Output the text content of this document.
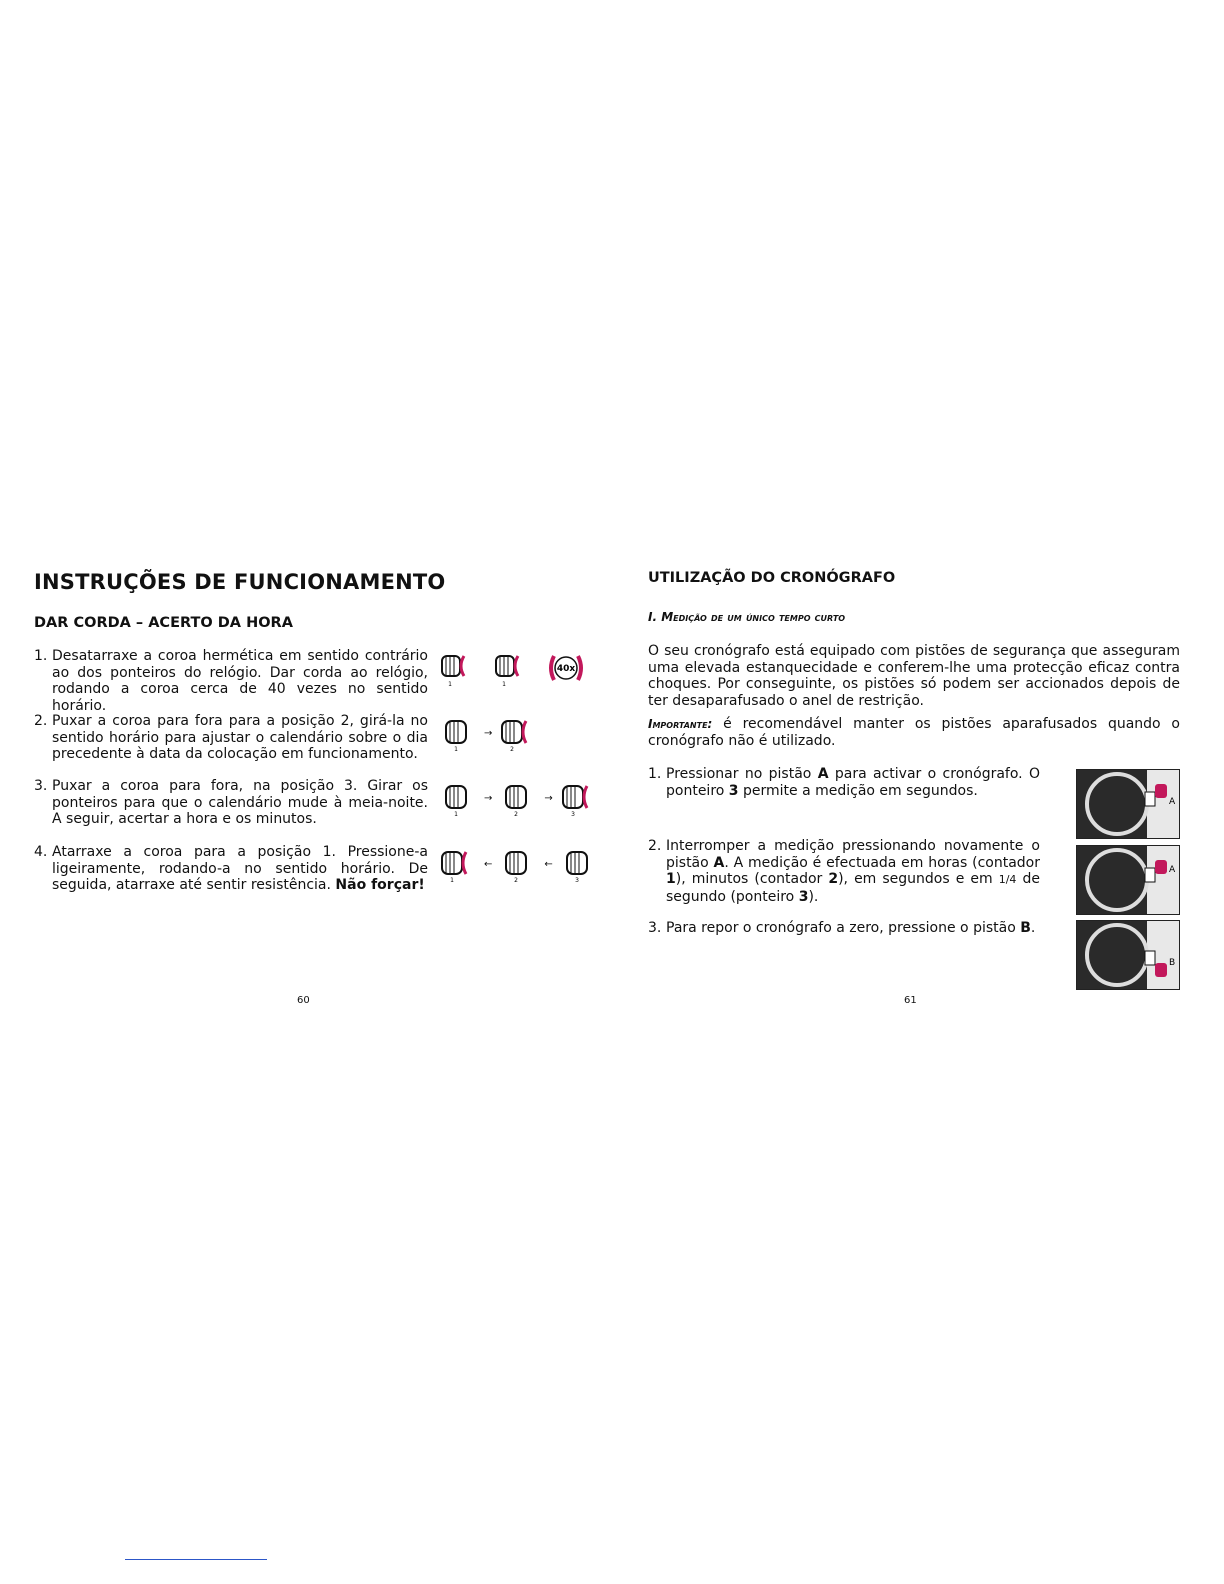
INSTRUÇÕES DE FUNCIONAMENTO
DAR CORDA – ACERTO DA HORA
1. Desatarraxe a coroa hermética em sentido contrário ao dos ponteiros do relógio. Dar corda ao relógio, rodando a coroa cerca de 40 vezes no sentido horário.
2. Puxar a coroa para fora para a posição 2, girá-la no sentido horário para ajustar o calendário sobre o dia precedente à data da colocação em funcionamento.
3. Puxar a coroa para fora, na posição 3. Girar os ponteiros para que o calendário mude à meia-noite. A seguir, acertar a hora e os minutos.
4. Atarraxe a coroa para a posição 1. Pressione-a ligeiramente, rodando-a no sentido horário. De seguida, atarraxe até sentir resistência. Não forçar!
1	1
40x
1
→
2
1
→
2
→
3
1
←
2
←
3
60
UTILIZAÇÃO DO CRONÓGRAFO
I. Medição de um único tempo curto

O seu cronógrafo está equipado com pistões de segurança que asseguram uma elevada estanquecidade e conferem-lhe uma protecção eficaz contra choques. Por conseguinte, os pistões só podem ser accionados depois de ter desaparafusado o anel de restrição.

Importante: é recomendável manter os pistões aparafusados quando o cronógrafo não é utilizado.

1. Pressionar no pistão A para activar o cronógrafo. O ponteiro 3 permite a medição em segundos.
2. Interromper a medição pressionando novamente o pistão A. A medição é efectuada em horas (contador 1), minutos (contador 2), em segundos e em 1/4 de segundo (ponteiro 3).
3. Para repor o cronógrafo a zero, pressione o pistão B.
A
A
B
61
